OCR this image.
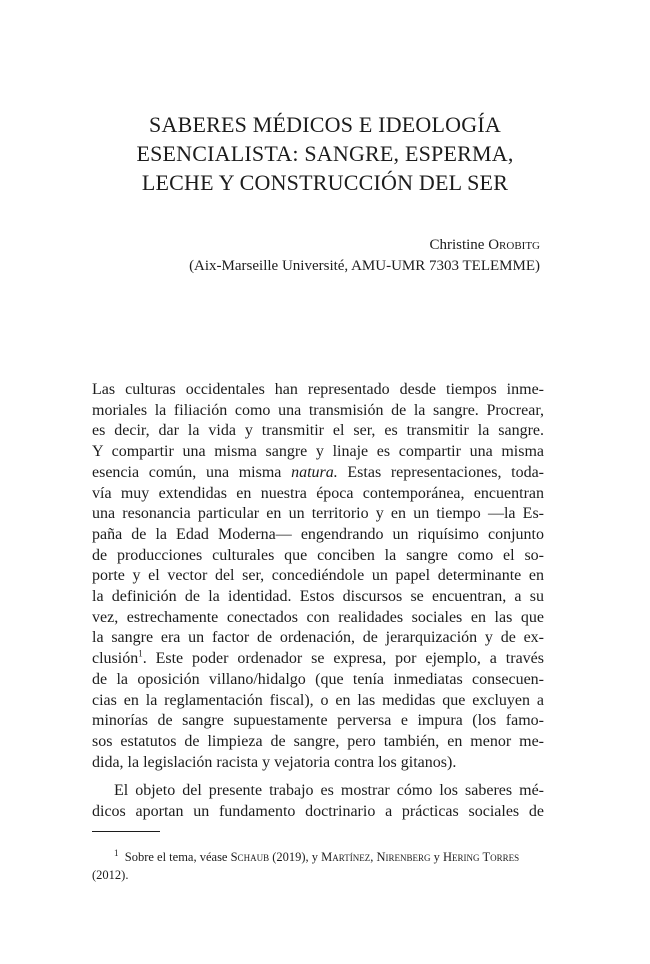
SABERES MÉDICOS E IDEOLOGÍA
ESENCIALISTA: SANGRE, ESPERMA,
LECHE Y CONSTRUCCIÓN DEL SER
Christine Orobitg
(Aix-Marseille Université, AMU-UMR 7303 TELEMME)
Las culturas occidentales han representado desde tiempos inme-
moriales la filiación como una transmisión de la sangre. Procrear,
es decir, dar la vida y transmitir el ser, es transmitir la sangre.
Y compartir una misma sangre y linaje es compartir una misma
esencia común, una misma natura. Estas representaciones, toda-
vía muy extendidas en nuestra época contemporánea, encuentran
una resonancia particular en un territorio y en un tiempo —la Es-
paña de la Edad Moderna— engendrando un riquísimo conjunto
de producciones culturales que conciben la sangre como el so-
porte y el vector del ser, concediéndole un papel determinante en
la definición de la identidad. Estos discursos se encuentran, a su
vez, estrechamente conectados con realidades sociales en las que
la sangre era un factor de ordenación, de jerarquización y de ex-
clusión$^1$. Este poder ordenador se expresa, por ejemplo, a través
de la oposición villano/hidalgo (que tenía inmediatas consecuen-
cias en la reglamentación fiscal), o en las medidas que excluyen a
minorías de sangre supuestamente perversa e impura (los famo-
sos estatutos de limpieza de sangre, pero también, en menor me-
dida, la legislación racista y vejatoria contra los gitanos).
El objeto del presente trabajo es mostrar cómo los saberes mé-
dicos aportan un fundamento doctrinario a prácticas sociales de
$^1$ Sobre el tema, véase Schaub (2019), y Martínez, Nirenberg y Hering Torres
(2012).
